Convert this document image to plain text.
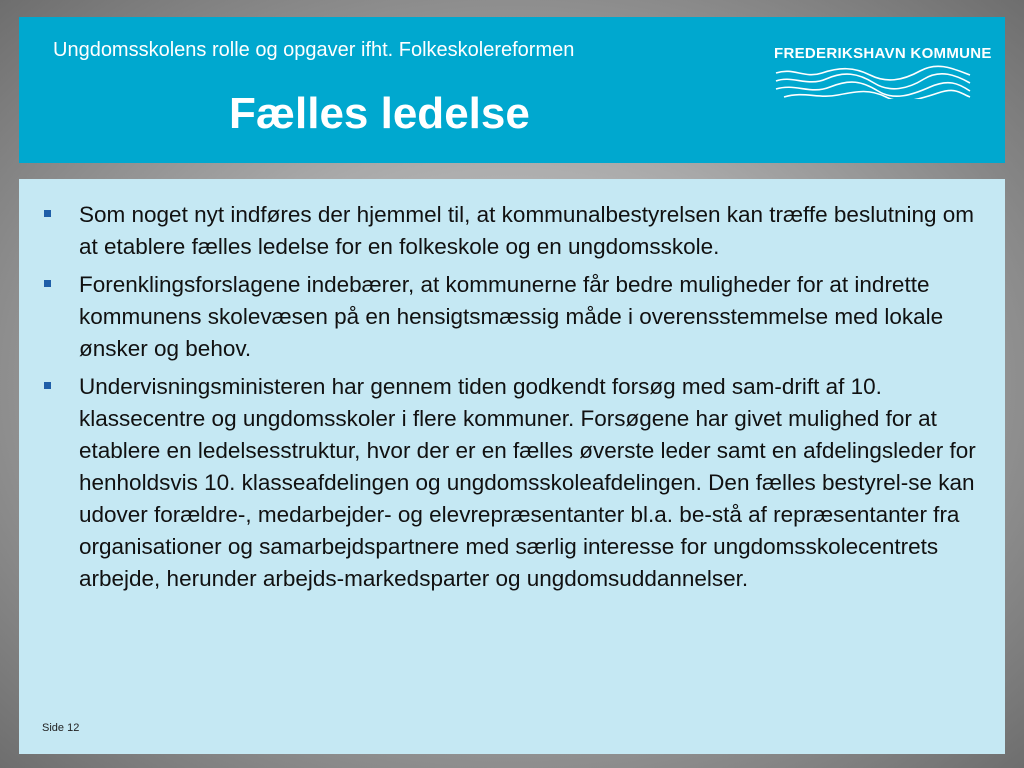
Ungdomsskolens rolle og opgaver ifht. Folkeskolereformen
Fælles ledelse
FREDERIKSHAVN KOMMUNE
Som noget nyt indføres der hjemmel til, at kommunalbestyrelsen kan træffe beslutning om at etablere fælles ledelse for en folkeskole og en ungdomsskole.
Forenklingsforslagene indebærer, at kommunerne får bedre muligheder for at indrette kommunens skolevæsen på en hensigtsmæssig måde i overensstemmelse med lokale ønsker og behov.
Undervisningsministeren har gennem tiden godkendt forsøg med sam-drift af 10. klassecentre og ungdomsskoler i flere kommuner. Forsøgene har givet mulighed for at etablere en ledelsesstruktur, hvor der er en fælles øverste leder samt en afdelingsleder for henholdsvis 10. klasseafdelingen og ungdomsskoleafdelingen. Den fælles bestyrel-se kan udover forældre-, medarbejder- og elevrepræsentanter bl.a. be-stå af repræsentanter fra organisationer og samarbejdspartnere med særlig interesse for ungdomsskolecentrets arbejde, herunder arbejds-markedsparter og ungdomsuddannelser.
Side 12
